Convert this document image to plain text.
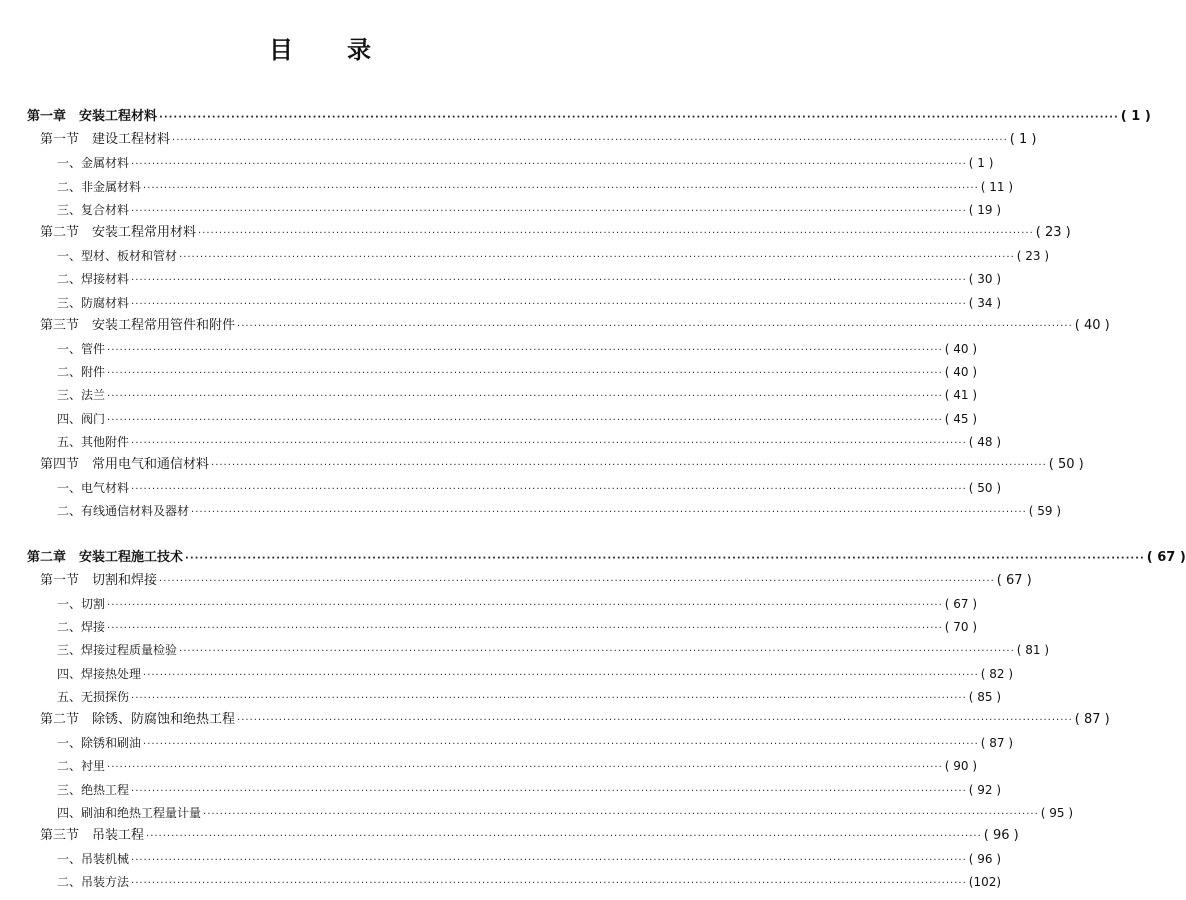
目 录
第一章　安装工程材料 ········································································································································································································ ( 1 )
第一节　建设工程材料 ········································································································································································································ ( 1 )
一、金属材料 ········································································································································································································ ( 1 )
二、非金属材料 ········································································································································································································ ( 11 )
三、复合材料 ········································································································································································································ ( 19 )
第二节　安装工程常用材料 ········································································································································································································ ( 23 )
一、型材、板材和管材 ········································································································································································································ ( 23 )
二、焊接材料 ········································································································································································································ ( 30 )
三、防腐材料 ········································································································································································································ ( 34 )
第三节　安装工程常用管件和附件 ········································································································································································································ ( 40 )
一、管件 ········································································································································································································ ( 40 )
二、附件 ········································································································································································································ ( 40 )
三、法兰 ········································································································································································································ ( 41 )
四、阀门 ········································································································································································································ ( 45 )
五、其他附件 ········································································································································································································ ( 48 )
第四节　常用电气和通信材料 ········································································································································································································ ( 50 )
一、电气材料 ········································································································································································································ ( 50 )
二、有线通信材料及器材 ········································································································································································································ ( 59 )
第二章　安装工程施工技术 ········································································································································································································ ( 67 )
第一节　切割和焊接 ········································································································································································································ ( 67 )
一、切割 ········································································································································································································ ( 67 )
二、焊接 ········································································································································································································ ( 70 )
三、焊接过程质量检验 ········································································································································································································ ( 81 )
四、焊接热处理 ········································································································································································································ ( 82 )
五、无损探伤 ········································································································································································································ ( 85 )
第二节　除锈、防腐蚀和绝热工程 ········································································································································································································ ( 87 )
一、除锈和刷油 ········································································································································································································ ( 87 )
二、衬里 ········································································································································································································ ( 90 )
三、绝热工程 ········································································································································································································ ( 92 )
四、刷油和绝热工程量计量 ········································································································································································································ ( 95 )
第三节　吊装工程 ········································································································································································································ ( 96 )
一、吊装机械 ········································································································································································································ ( 96 )
二、吊装方法 ········································································································································································································ (102)
